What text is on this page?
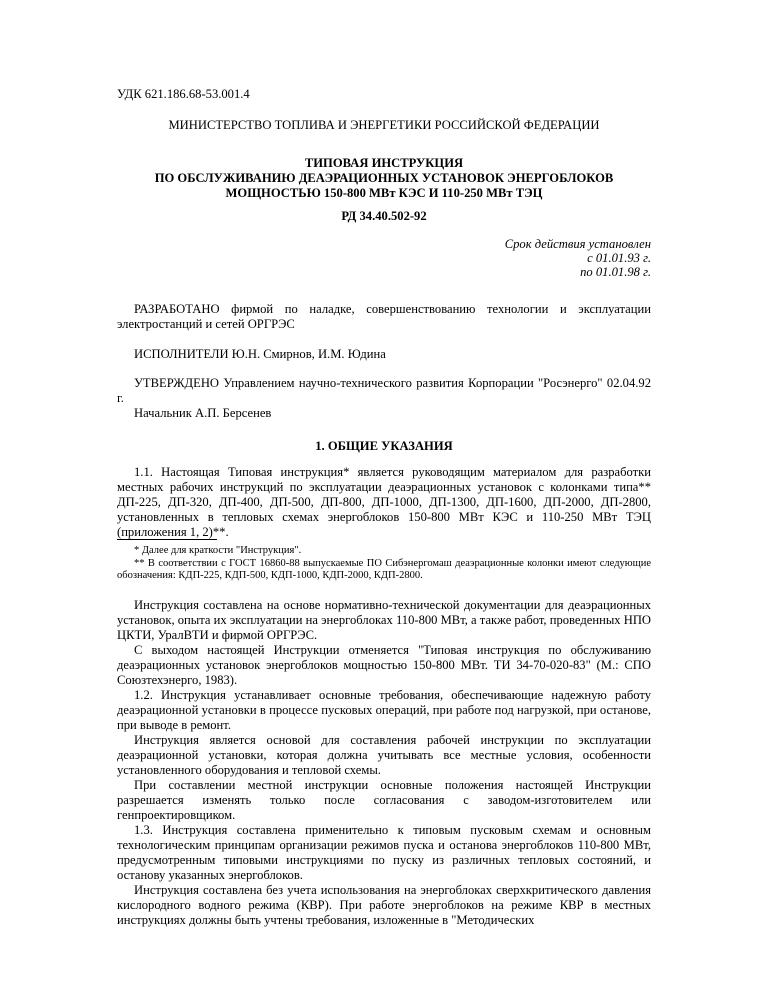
УДК 621.186.68-53.001.4
МИНИСТЕРСТВО ТОПЛИВА И ЭНЕРГЕТИКИ РОССИЙСКОЙ ФЕДЕРАЦИИ
ТИПОВАЯ ИНСТРУКЦИЯ
ПО ОБСЛУЖИВАНИЮ ДЕАЭРАЦИОННЫХ УСТАНОВОК ЭНЕРГОБЛОКОВ
МОЩНОСТЬЮ 150-800 МВт КЭС И 110-250 МВт ТЭЦ
РД 34.40.502-92
Срок действия установлен
с 01.01.93 г.
по 01.01.98 г.

РАЗРАБОТАНО фирмой по наладке, совершенствованию технологии и эксплуатации электростанций и сетей ОРГРЭС

ИСПОЛНИТЕЛИ Ю.Н. Смирнов, И.М. Юдина

УТВЕРЖДЕНО Управлением научно-технического развития Корпорации "Росэнерго" 02.04.92 г.

Начальник А.П. Берсенев

1. ОБЩИЕ УКАЗАНИЯ

1.1. Настоящая Типовая инструкция* является руководящим материалом для разработки местных рабочих инструкций по эксплуатации деаэрационных установок с колонками типа** ДП-225, ДП-320, ДП-400, ДП-500, ДП-800, ДП-1000, ДП-1300, ДП-1600, ДП-2000, ДП-2800, установленных в тепловых схемах энергоблоков 150-800 МВт КЭС и 110-250 МВт ТЭЦ (приложения 1, 2)**.

* Далее для краткости "Инструкция".
** В соответствии с ГОСТ 16860-88 выпускаемые ПО Сибэнергомаш деаэрационные колонки имеют следующие обозначения: КДП-225, КДП-500, КДП-1000, КДП-2000, КДП-2800.

Инструкция составлена на основе нормативно-технической документации для деаэрационных установок, опыта их эксплуатации на энергоблоках 110-800 МВт, а также работ, проведенных НПО ЦКТИ, УралВТИ и фирмой ОРГРЭС.

С выходом настоящей Инструкции отменяется "Типовая инструкция по обслуживанию деаэрационных установок энергоблоков мощностью 150-800 МВт. ТИ 34-70-020-83" (М.: СПО Союзтехэнерго, 1983).

1.2. Инструкция устанавливает основные требования, обеспечивающие надежную работу деаэрационной установки в процессе пусковых операций, при работе под нагрузкой, при останове, при выводе в ремонт.

Инструкция является основой для составления рабочей инструкции по эксплуатации деаэрационной установки, которая должна учитывать все местные условия, особенности установленного оборудования и тепловой схемы.

При составлении местной инструкции основные положения настоящей Инструкции разрешается изменять только после согласования с заводом-изготовителем или генпроектировщиком.

1.3. Инструкция составлена применительно к типовым пусковым схемам и основным технологическим принципам организации режимов пуска и останова энергоблоков 110-800 МВт, предусмотренным типовыми инструкциями по пуску из различных тепловых состояний, и останову указанных энергоблоков.

Инструкция составлена без учета использования на энергоблоках сверхкритического давления кислородного водного режима (КВР). При работе энергоблоков на режиме КВР в местных инструкциях должны быть учтены требования, изложенные в "Методических
